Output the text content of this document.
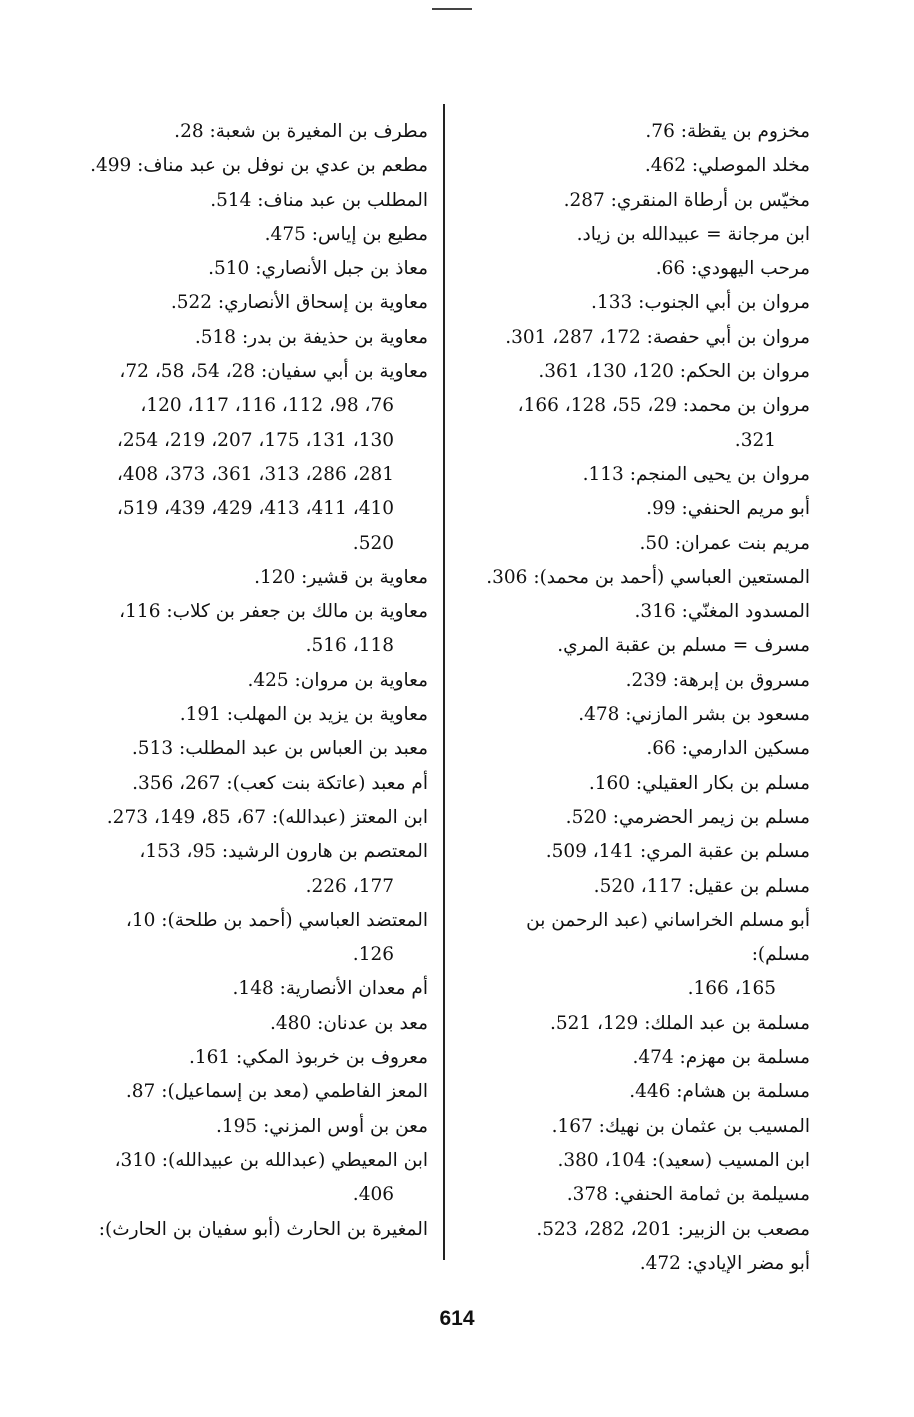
مخزوم بن يقظة: 76.
مخلد الموصلي: 462.
مخيّس بن أرطاة المنقري: 287.
ابن مرجانة = عبيدالله بن زياد.
مرحب اليهودي: 66.
مروان بن أبي الجنوب: 133.
مروان بن أبي حفصة: 172، 287، 301.
مروان بن الحكم: 120، 130، 361.
مروان بن محمد: 29، 55، 128، 166،
321.
مروان بن يحيى المنجم: 113.
أبو مريم الحنفي: 99.
مريم بنت عمران: 50.
المستعين العباسي (أحمد بن محمد): 306.
المسدود المغنّي: 316.
مسرف = مسلم بن عقبة المري.
مسروق بن إبرهة: 239.
مسعود بن بشر المازني: 478.
مسكين الدارمي: 66.
مسلم بن بكار العقيلي: 160.
مسلم بن زيمر الحضرمي: 520.
مسلم بن عقبة المري: 141، 509.
مسلم بن عقيل: 117، 520.
أبو مسلم الخراساني (عبد الرحمن بن مسلم):
165، 166.
مسلمة بن عبد الملك: 129، 521.
مسلمة بن مهزم: 474.
مسلمة بن هشام: 446.
المسيب بن عثمان بن نهيك: 167.
ابن المسيب (سعيد): 104، 380.
مسيلمة بن ثمامة الحنفي: 378.
مصعب بن الزبير: 201، 282، 523.
أبو مضر الإيادي: 472.
مطرف بن المغيرة بن شعبة: 28.
مطعم بن عدي بن نوفل بن عبد مناف: 499.
المطلب بن عبد مناف: 514.
مطيع بن إياس: 475.
معاذ بن جبل الأنصاري: 510.
معاوية بن إسحاق الأنصاري: 522.
معاوية بن حذيفة بن بدر: 518.
معاوية بن أبي سفيان: 28، 54، 58، 72،
76، 98، 112، 116، 117، 120،
130، 131، 175، 207، 219، 254،
281، 286، 313، 361، 373، 408،
410، 411، 413، 429، 439، 519،
520.
معاوية بن قشير: 120.
معاوية بن مالك بن جعفر بن كلاب: 116،
118، 516.
معاوية بن مروان: 425.
معاوية بن يزيد بن المهلب: 191.
معبد بن العباس بن عبد المطلب: 513.
أم معبد (عاتكة بنت كعب): 267، 356.
ابن المعتز (عبدالله): 67، 85، 149، 273.
المعتصم بن هارون الرشيد: 95، 153،
177، 226.
المعتضد العباسي (أحمد بن طلحة): 10،
126.
أم معدان الأنصارية: 148.
معد بن عدنان: 480.
معروف بن خربوذ المكي: 161.
المعز الفاطمي (معد بن إسماعيل): 87.
معن بن أوس المزني: 195.
ابن المعيطي (عبدالله بن عبيدالله): 310،
406.
المغيرة بن الحارث (أبو سفيان بن الحارث):
614
